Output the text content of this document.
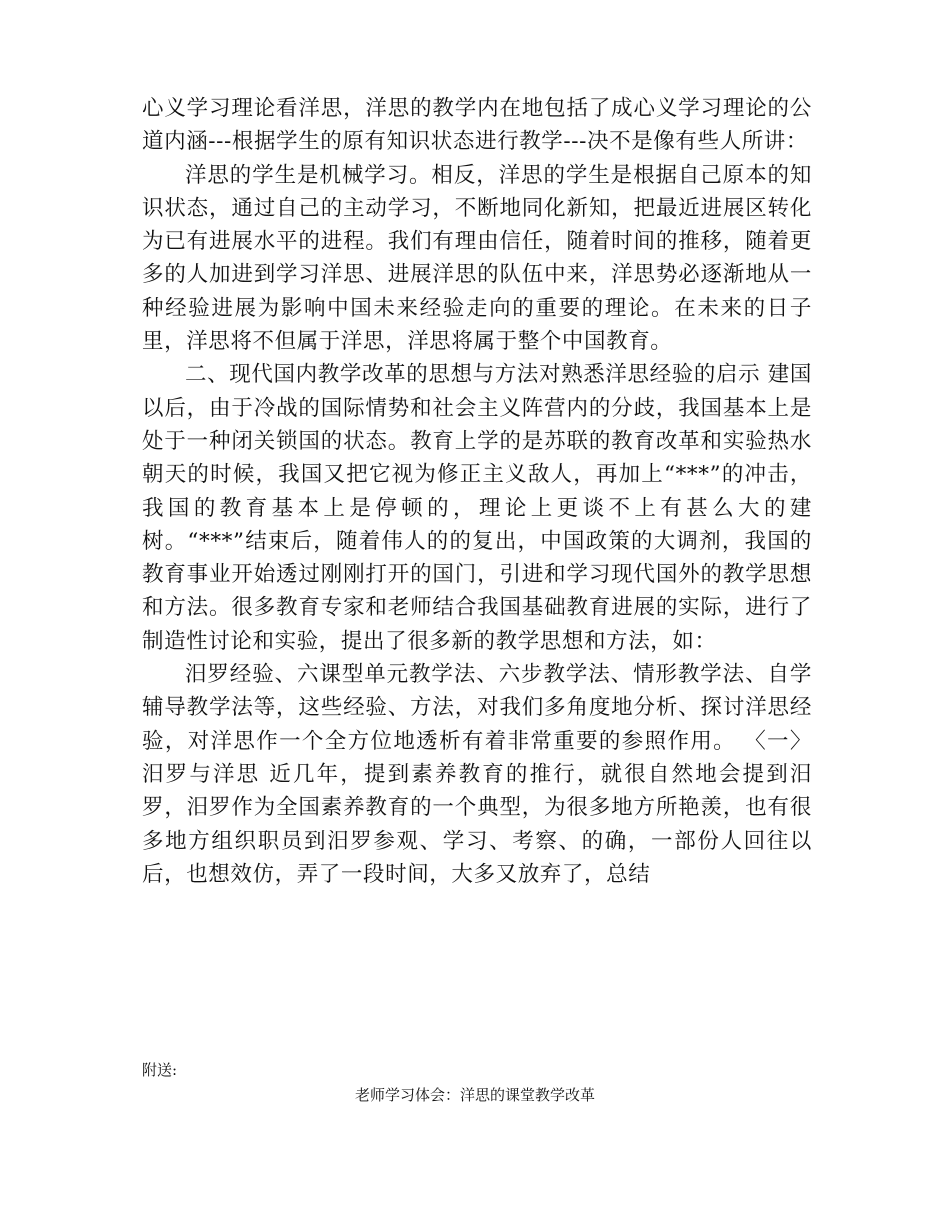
心义学习理论看洋思，洋思的教学内在地包括了成心义学习理论的公道内涵---根据学生的原有知识状态进行教学---决不是像有些人所讲：

洋思的学生是机械学习。相反，洋思的学生是根据自己原本的知识状态，通过自己的主动学习，不断地同化新知，把最近进展区转化为已有进展水平的进程。我们有理由信任，随着时间的推移，随着更多的人加进到学习洋思、进展洋思的队伍中来，洋思势必逐渐地从一种经验进展为影响中国未来经验走向的重要的理论。在未来的日子里，洋思将不但属于洋思，洋思将属于整个中国教育。

二、现代国内教学改革的思想与方法对熟悉洋思经验的启示 建国以后，由于冷战的国际情势和社会主义阵营内的分歧，我国基本上是处于一种闭关锁国的状态。教育上学的是苏联的教育改革和实验热水朝天的时候，我国又把它视为修正主义敌人，再加上“***”的冲击，我国的教育基本上是停顿的，理论上更谈不上有甚么大的建树。“***”结束后，随着伟人的的复出，中国政策的大调剂，我国的教育事业开始透过刚刚打开的国门，引进和学习现代国外的教学思想和方法。很多教育专家和老师结合我国基础教育进展的实际，进行了制造性讨论和实验，提出了很多新的教学思想和方法，如：

汨罗经验、六课型单元教学法、六步教学法、情形教学法、自学辅导教学法等，这些经验、方法，对我们多角度地分析、探讨洋思经验，对洋思作一个全方位地透析有着非常重要的参照作用。 〈一〉汨罗与洋思 近几年，提到素养教育的推行，就很自然地会提到汨罗，汨罗作为全国素养教育的一个典型，为很多地方所艳羡，也有很多地方组织职员到汨罗参观、学习、考察、的确，一部份人回往以后，也想效仿，弄了一段时间，大多又放弃了，总结

附送:
老师学习体会：洋思的课堂教学改革
